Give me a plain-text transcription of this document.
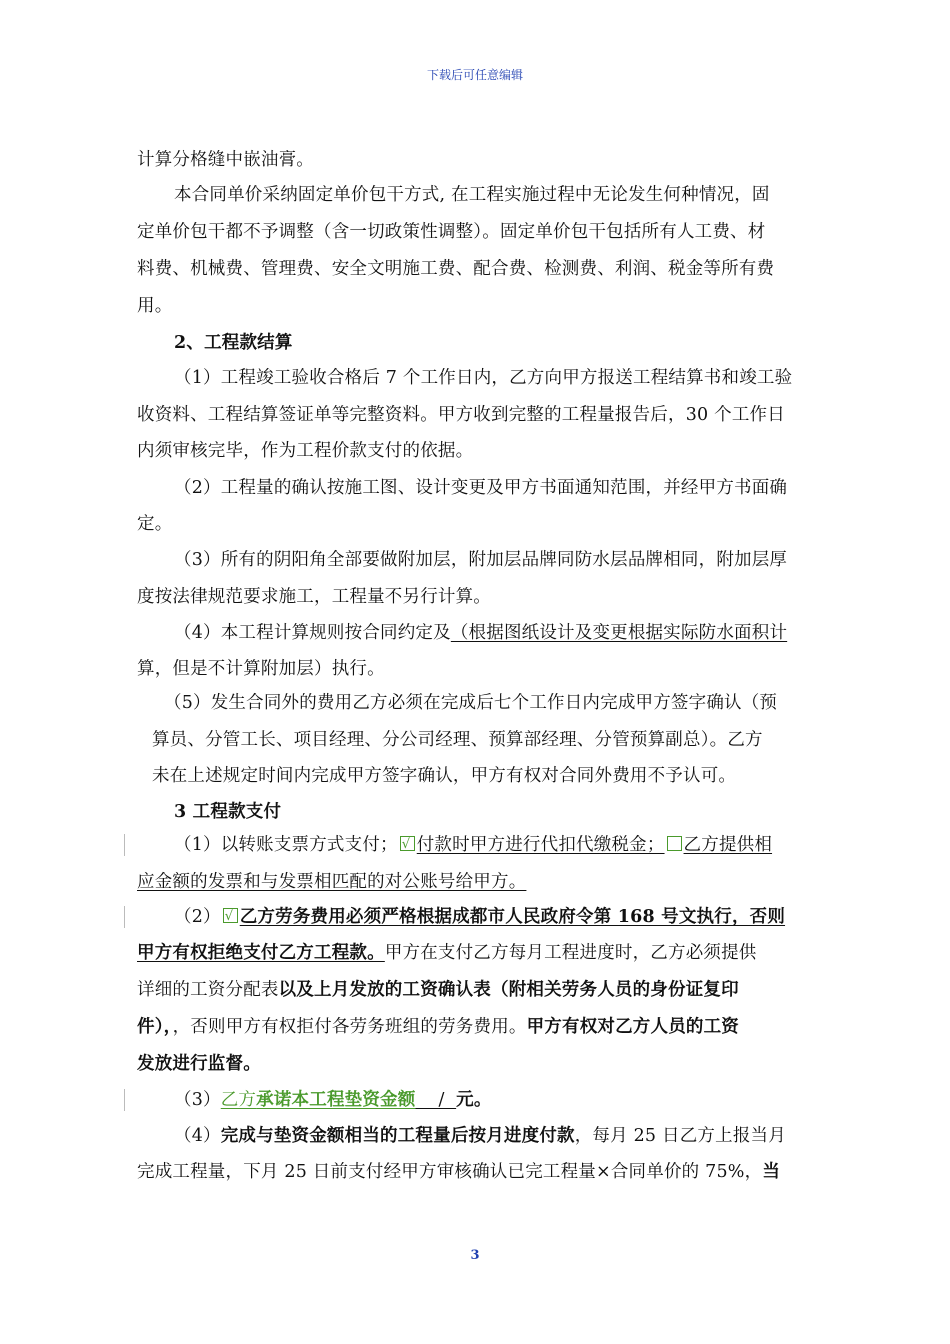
下载后可任意编辑
计算分格缝中嵌油膏。
本合同单价采纳固定单价包干方式, 在工程实施过程中无论发生何种情况，固
定单价包干都不予调整（含一切政策性调整）。固定单价包干包括所有人工费、材
料费、机械费、管理费、安全文明施工费、配合费、检测费、利润、税金等所有费
用。
2、工程款结算
（1）工程竣工验收合格后 7 个工作日内，乙方向甲方报送工程结算书和竣工验
收资料、工程结算签证单等完整资料。甲方收到完整的工程量报告后，30 个工作日
内须审核完毕，作为工程价款支付的依据。
（2）工程量的确认按施工图、设计变更及甲方书面通知范围，并经甲方书面确
定。
（3）所有的阴阳角全部要做附加层，附加层品牌同防水层品牌相同，附加层厚
度按法律规范要求施工，工程量不另行计算。
（4）本工程计算规则按合同约定及（根据图纸设计及变更根据实际防水面积计
算，但是不计算附加层）执行。
（5）发生合同外的费用乙方必须在完成后七个工作日内完成甲方签字确认（预
算员、分管工长、项目经理、分公司经理、预算部经理、分管预算副总）。乙方
未在上述规定时间内完成甲方签字确认，甲方有权对合同外费用不予认可。
3 工程款支付
（1）以转账支票方式支付； √ 付款时甲方进行代扣代缴税金； 乙方提供相
应金额的发票和与发票相匹配的对公账号给甲方。
（2） √ 乙方劳务费用必须严格根据成都市人民政府令第 168 号文执行，否则
甲方有权拒绝支付乙方工程款。甲方在支付乙方每月工程进度时，乙方必须提供
详细的工资分配表以及上月发放的工资确认表（附相关劳务人员的身份证复印
件），，否则甲方有权拒付各劳务班组的劳务费用。甲方有权对乙方人员的工资
发放进行监督。
（3）乙方承诺本工程垫资金额    /  元。
（4）完成与垫资金额相当的工程量后按月进度付款，每月 25 日乙方上报当月
完成工程量，下月 25 日前支付经甲方审核确认已完工程量×合同单价的 75%，当
3
